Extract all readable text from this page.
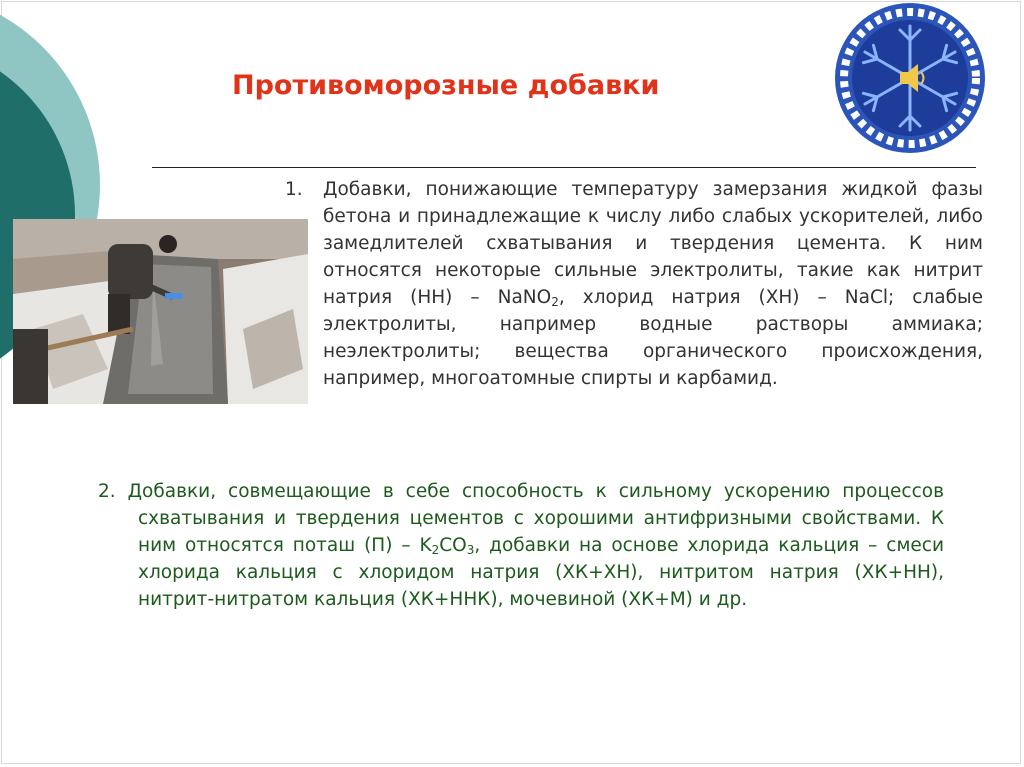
Противоморозные добавки
1. Добавки, понижающие температуру замерзания жидкой фазы бетона и принадлежащие к числу либо слабых ускорителей, либо замедлителей схватывания и твердения цемента. К ним относятся некоторые сильные электролиты, такие как нитрит натрия (НН) – NaNO$_2$, хлорид натрия (ХН) – NaCl; слабые электролиты, например водные растворы аммиака; неэлектролиты; вещества органического происхождения, например, многоатомные спирты и карбамид.
2. Добавки, совмещающие в себе способность к сильному ускорению процессов схватывания и твердения цементов с хорошими антифризными свойствами. К ним относятся поташ $(П) - K_2CO_3$, добавки на основе хлорида кальция – смеси хлорида кальция с хлоридом натрия (ХК+ХН), нитритом натрия (ХК+НН), нитрит-нитратом кальция (ХК+ННК), мочевиной (ХК+М) и др.
